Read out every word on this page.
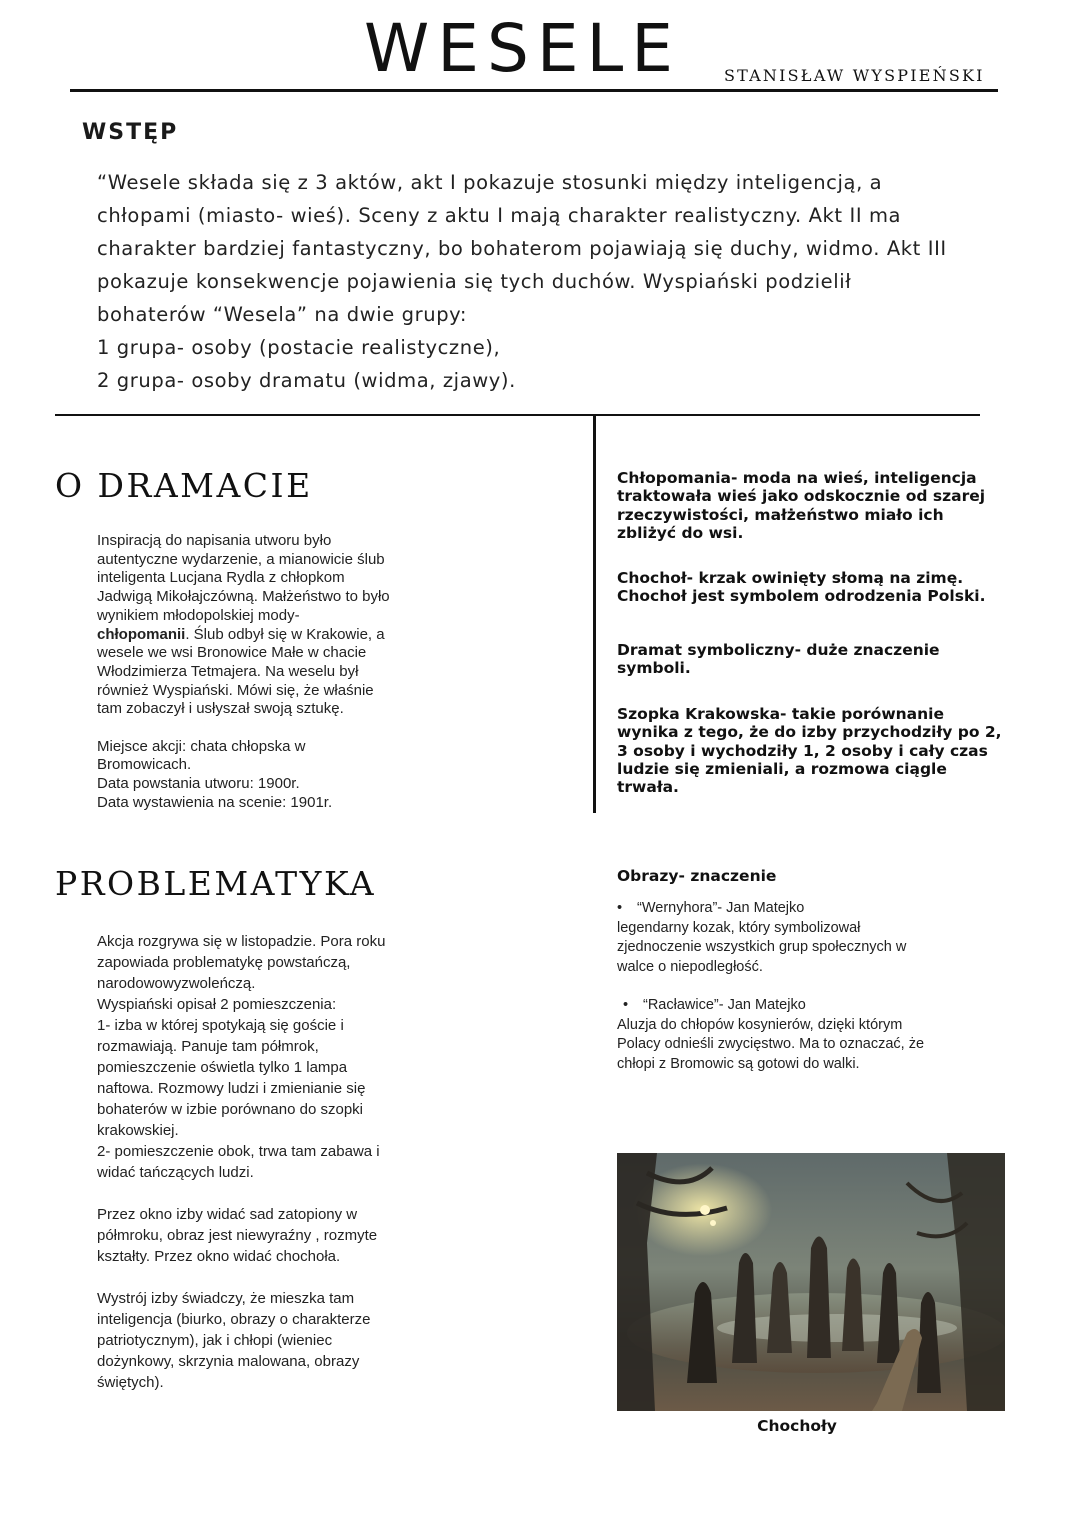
WESELE	STANISŁAW WYSPIEŃSKI
WSTĘP

“Wesele składa się z 3 aktów, akt I pokazuje stosunki między inteligencją, a

chłopami (miasto- wieś). Sceny z aktu I mają charakter realistyczny. Akt II ma

charakter bardziej fantastyczny, bo bohaterom pojawiają się duchy, widmo. Akt III

pokazuje konsekwencje pojawienia się tych duchów. Wyspiański podzielił

bohaterów “Wesela” na dwie grupy:

1 grupa- osoby (postacie realistyczne),

2 grupa- osoby dramatu (widma, zjawy).

O DRAMACIE

Inspiracją do napisania utworu było

autentyczne wydarzenie, a mianowicie ślub

inteligenta Lucjana Rydla z chłopkom

Jadwigą Mikołajczówną. Małżeństwo to było

wynikiem młodopolskiej mody-

chłopomanii. Ślub odbył się w Krakowie, a

wesele we wsi Bronowice Małe w chacie

Włodzimierza Tetmajera. Na weselu był

również Wyspiański. Mówi się, że właśnie

tam zobaczył i usłyszał swoją sztukę.

Miejsce akcji: chata chłopska w

Bromowicach.

Data powstania utworu: 1900r.

Data wystawienia na scenie: 1901r.

Chłopomania- moda na wieś, inteligencja

traktowała wieś jako odskocznie od szarej

rzeczywistości, małżeństwo miało ich

zbliżyć do wsi.

Chochoł- krzak owinięty słomą na zimę.

Chochoł jest symbolem odrodzenia Polski.

Dramat symboliczny- duże znaczenie

symboli.

Szopka Krakowska- takie porównanie

wynika z tego, że do izby przychodziły po 2,

3 osoby i wychodziły 1, 2 osoby i cały czas

ludzie się zmieniali, a rozmowa ciągle

trwała.

PROBLEMATYKA

Akcja rozgrywa się w listopadzie. Pora roku

zapowiada problematykę powstańczą,

narodowowyzwoleńczą.

Wyspiański opisał 2 pomieszczenia:

1- izba w której spotykają się goście i

rozmawiają. Panuje tam półmrok,

pomieszczenie oświetla tylko 1 lampa

naftowa. Rozmowy ludzi i zmienianie się

bohaterów w izbie porównano do szopki

krakowskiej.

2- pomieszczenie obok, trwa tam zabawa i

widać tańczących ludzi.

Przez okno izby widać sad zatopiony w

półmroku, obraz jest niewyraźny , rozmyte

kształty. Przez okno widać chochoła.

Wystrój izby świadczy, że mieszka tam

inteligencja (biurko, obrazy o charakterze

patriotycznym), jak i chłopi (wieniec

dożynkowy, skrzynia malowana, obrazy

świętych).

Obrazy- znaczenie

• “Wernyhora”- Jan Matejko

legendarny kozak, który symbolizował

zjednoczenie wszystkich grup społecznych w

walce o niepodległość.

• “Racławice”- Jan Matejko

Aluzja do chłopów kosynierów, dzięki którym

Polacy odnieśli zwycięstwo. Ma to oznaczać, że

chłopi z Bromowic są gotowi do walki.

Chochoły
